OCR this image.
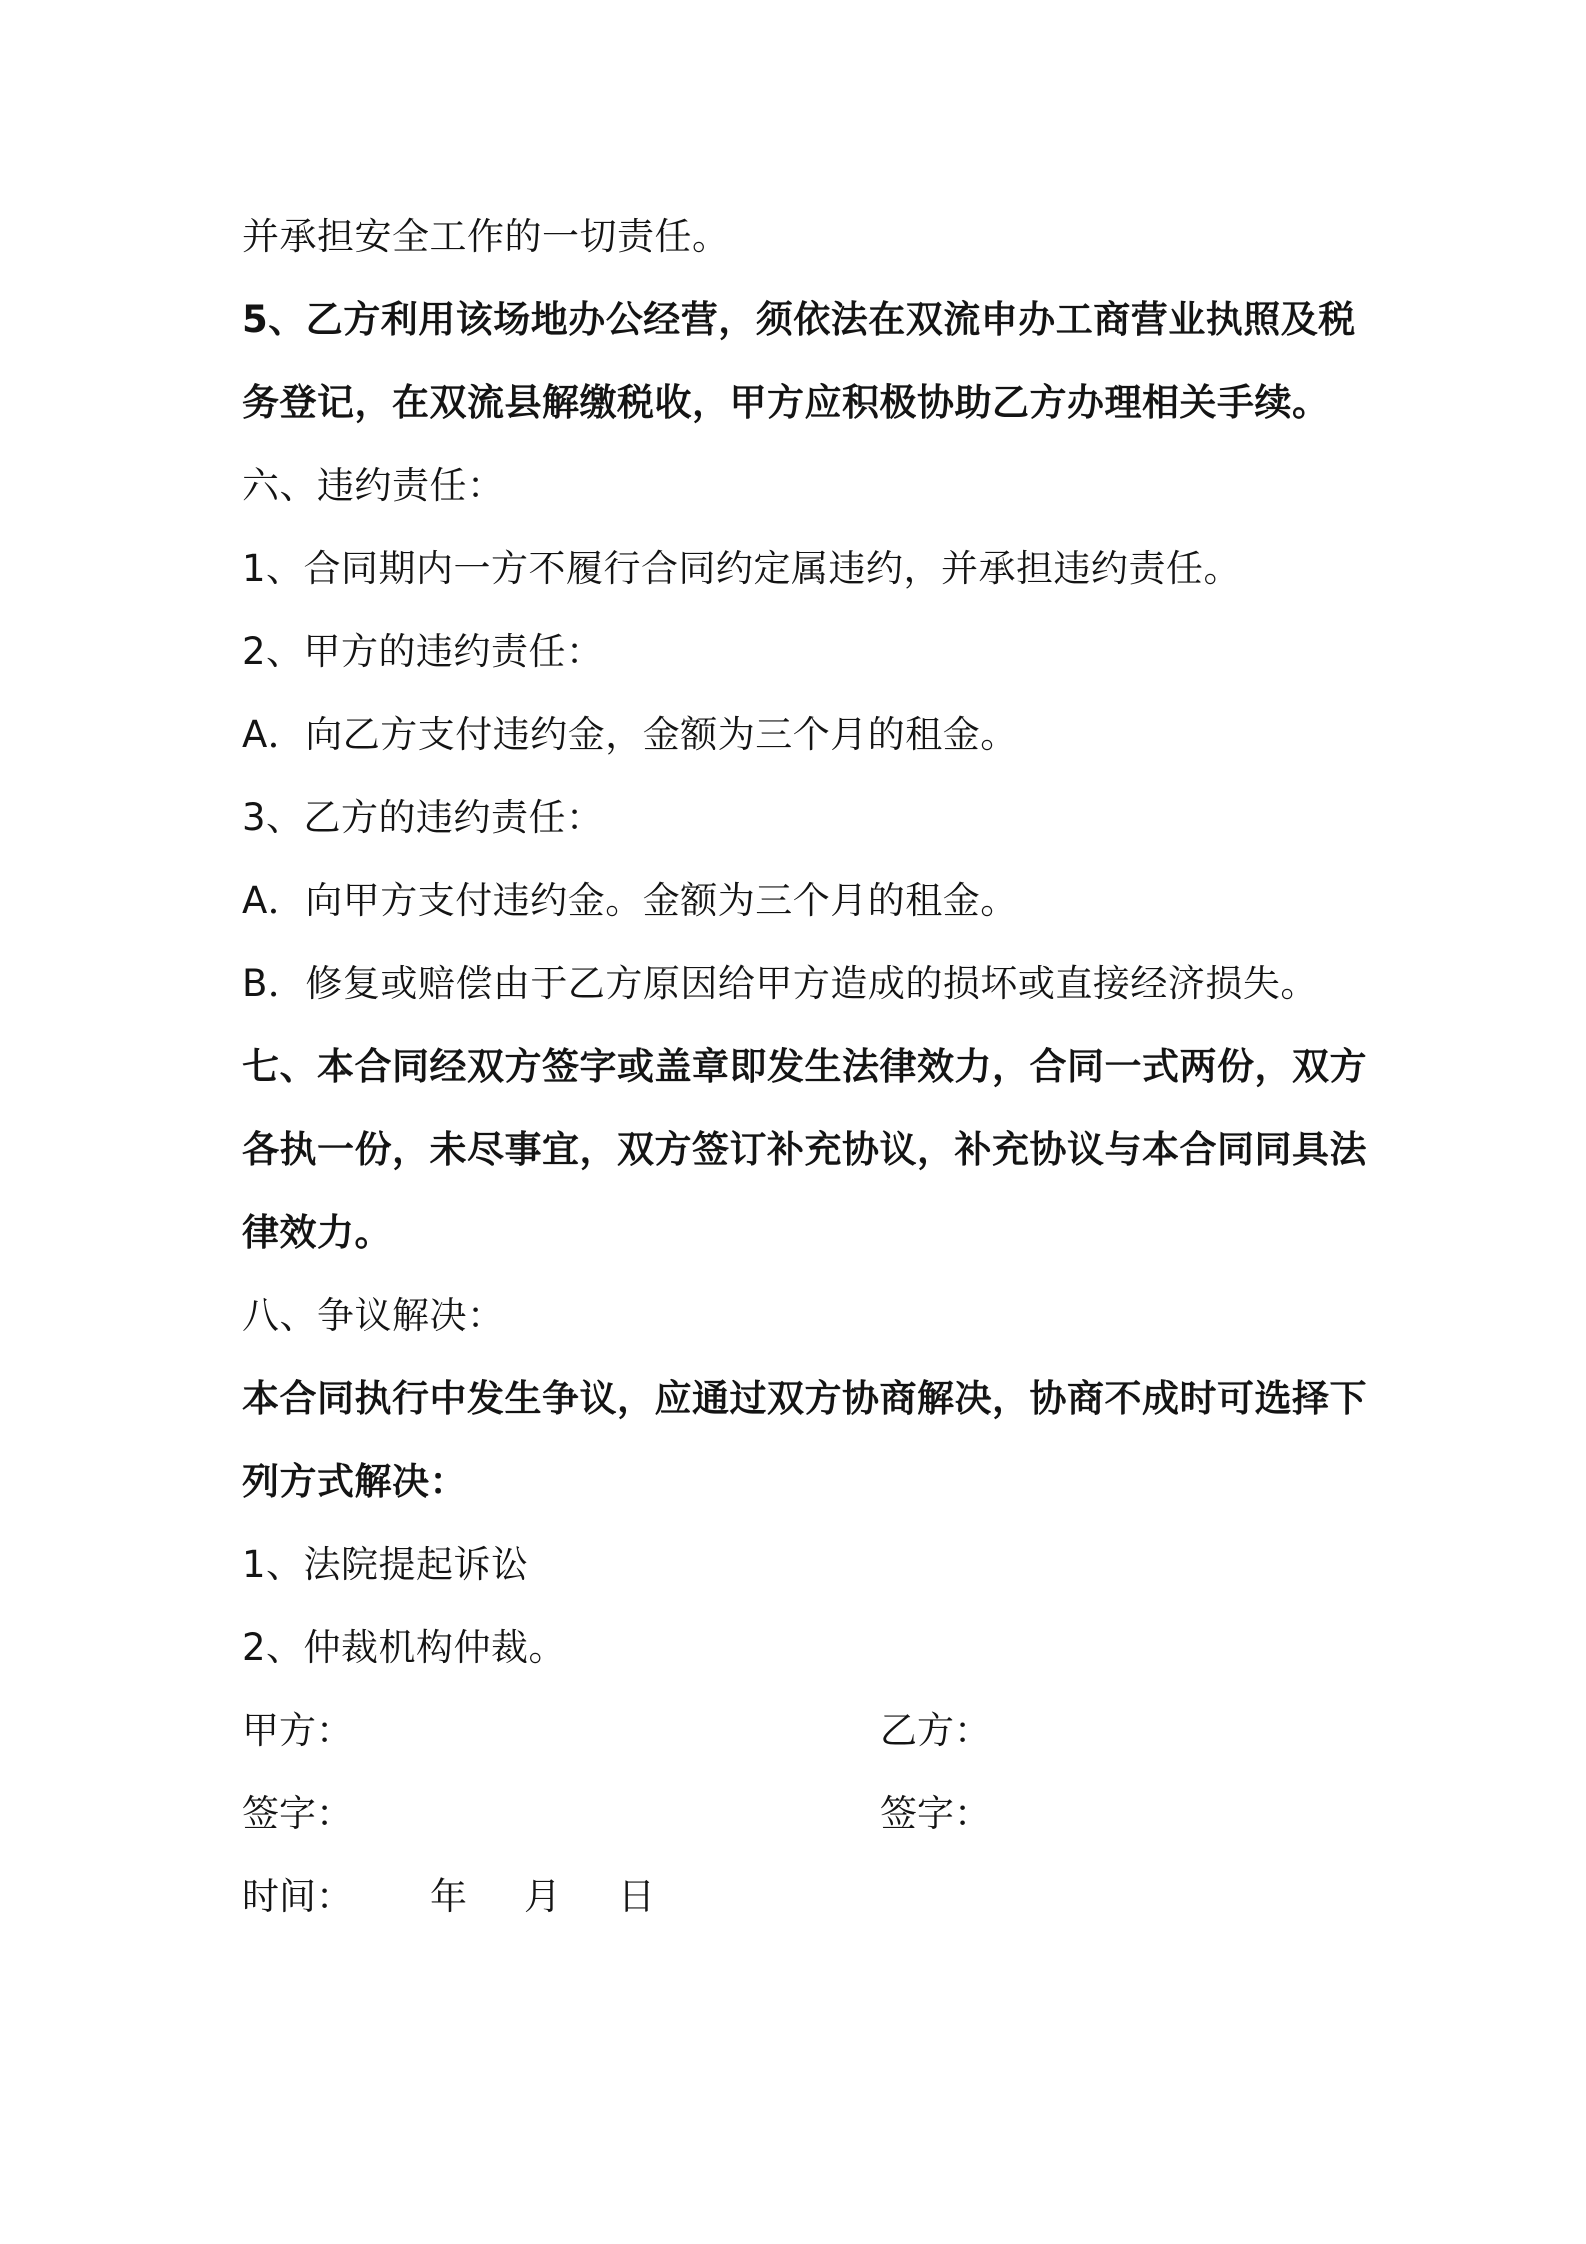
并承担安全工作的一切责任。
5、乙方利用该场地办公经营，须依法在双流申办工商营业执照及税
务登记，在双流县解缴税收，甲方应积极协助乙方办理相关手续。
六、违约责任：
1、合同期内一方不履行合同约定属违约，并承担违约责任。
2、甲方的违约责任：
A．向乙方支付违约金，金额为三个月的租金。
3、乙方的违约责任：
A．向甲方支付违约金。金额为三个月的租金。
B．修复或赔偿由于乙方原因给甲方造成的损坏或直接经济损失。
七、本合同经双方签字或盖章即发生法律效力，合同一式两份，双方
各执一份，未尽事宜，双方签订补充协议，补充协议与本合同同具法
律效力。
八、争议解决：
本合同执行中发生争议，应通过双方协商解决，协商不成时可选择下
列方式解决：
1、法院提起诉讼
2、仲裁机构仲裁。
甲方：	乙方：
签字：	签字：
时间： 年 月 日
